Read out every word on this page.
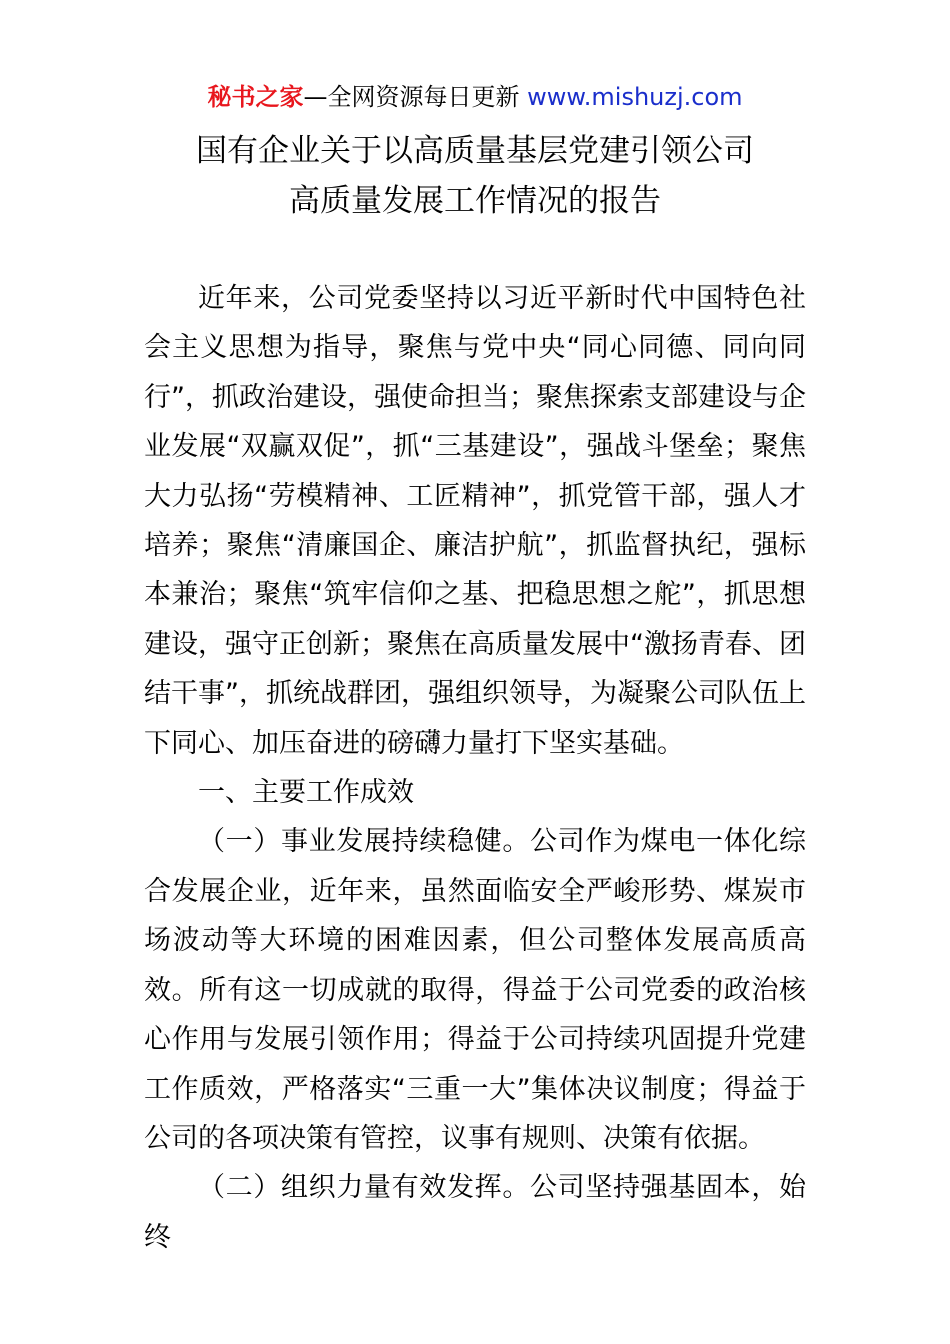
秘书之家—全网资源每日更新 www.mishuzj.com
国有企业关于以高质量基层党建引领公司
高质量发展工作情况的报告

近年来，公司党委坚持以习近平新时代中国特色社会主义思想为指导，聚焦与党中央“同心同德、同向同行”，抓政治建设，强使命担当；聚焦探索支部建设与企业发展“双赢双促”，抓“三基建设”，强战斗堡垒；聚焦大力弘扬“劳模精神、工匠精神”，抓党管干部，强人才培养；聚焦“清廉国企、廉洁护航”，抓监督执纪，强标本兼治；聚焦“筑牢信仰之基、把稳思想之舵”，抓思想建设，强守正创新；聚焦在高质量发展中“激扬青春、团结干事”，抓统战群团，强组织领导，为凝聚公司队伍上下同心、加压奋进的磅礴力量打下坚实基础。

一、主要工作成效

（一）事业发展持续稳健。公司作为煤电一体化综合发展企业，近年来，虽然面临安全严峻形势、煤炭市场波动等大环境的困难因素，但公司整体发展高质高效。所有这一切成就的取得，得益于公司党委的政治核心作用与发展引领作用；得益于公司持续巩固提升党建工作质效，严格落实“三重一大”集体决议制度；得益于公司的各项决策有管控，议事有规则、决策有依据。

（二）组织力量有效发挥。公司坚持强基固本，始终
